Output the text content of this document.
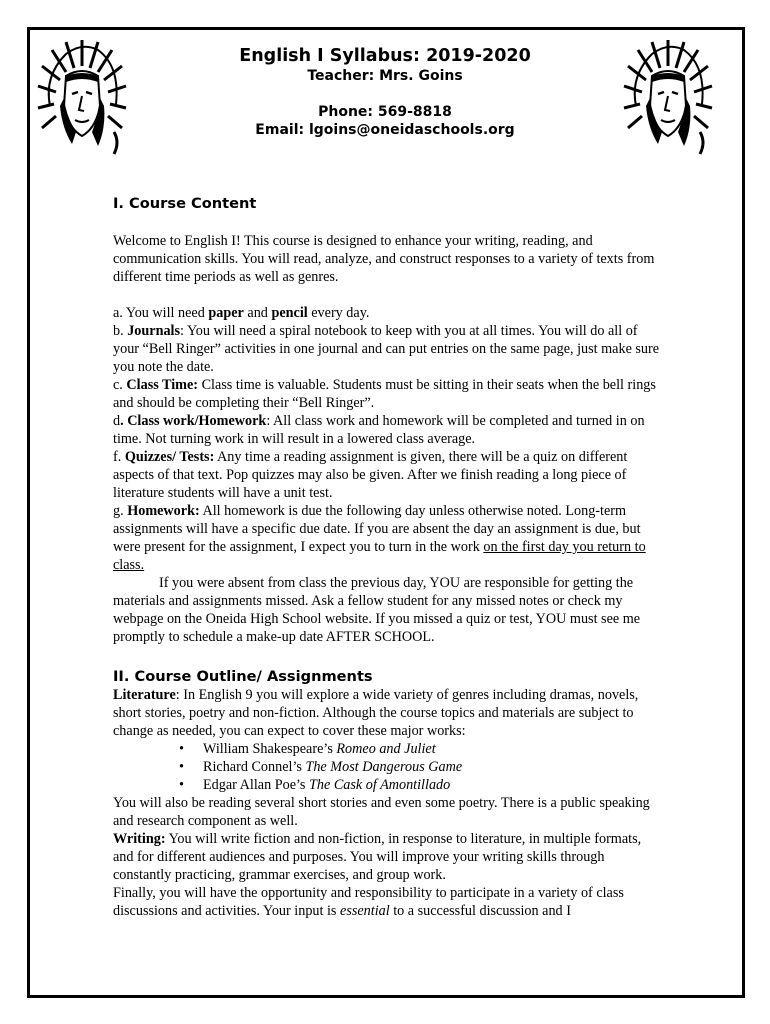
English I Syllabus: 2019-2020
Teacher: Mrs. Goins
Phone: 569-8818
Email: lgoins@oneidaschools.org
I. Course Content

Welcome to English I! This course is designed to enhance your writing, reading, and communication skills. You will read, analyze, and construct responses to a variety of texts from different time periods as well as genres.

a. You will need paper and pencil every day.

b. Journals: You will need a spiral notebook to keep with you at all times. You will do all of your “Bell Ringer” activities in one journal and can put entries on the same page, just make sure you note the date.

c. Class Time: Class time is valuable. Students must be sitting in their seats when the bell rings and should be completing their “Bell Ringer”.

d. Class work/Homework: All class work and homework will be completed and turned in on time. Not turning work in will result in a lowered class average.

f. Quizzes/ Tests: Any time a reading assignment is given, there will be a quiz on different aspects of that text. Pop quizzes may also be given. After we finish reading a long piece of literature students will have a unit test.

g. Homework: All homework is due the following day unless otherwise noted. Long-term assignments will have a specific due date. If you are absent the day an assignment is due, but were present for the assignment, I expect you to turn in the work on the first day you return to class.

If you were absent from class the previous day, YOU are responsible for getting the materials and assignments missed. Ask a fellow student for any missed notes or check my webpage on the Oneida High School website. If you missed a quiz or test, YOU must see me promptly to schedule a make-up date AFTER SCHOOL.

II. Course Outline/ Assignments

Literature: In English 9 you will explore a wide variety of genres including dramas, novels, short stories, poetry and non-fiction. Although the course topics and materials are subject to change as needed, you can expect to cover these major works:

• William Shakespeare’s Romeo and Juliet
• Richard Connel’s The Most Dangerous Game
• Edgar Allan Poe’s The Cask of Amontillado

You will also be reading several short stories and even some poetry. There is a public speaking and research component as well.

Writing: You will write fiction and non-fiction, in response to literature, in multiple formats, and for different audiences and purposes. You will improve your writing skills through constantly practicing, grammar exercises, and group work.

Finally, you will have the opportunity and responsibility to participate in a variety of class discussions and activities. Your input is essential to a successful discussion and I
